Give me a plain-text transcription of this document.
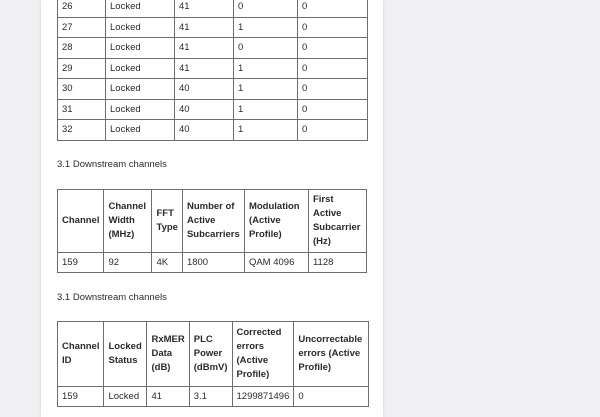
26	Locked	41	0	0
27	Locked	41	1	0
28	Locked	41	0	0
29	Locked	41	1	0
30	Locked	40	1	0
31	Locked	40	1	0
32	Locked	40	1	0
3.1 Downstream channels
Channel	Channel Width (MHz)	FFT Type	Number of Active Subcarriers	Modulation (Active Profile)	First Active Subcarrier (Hz)
159	92	4K	1800	QAM 4096	1128
3.1 Downstream channels
Channel ID	Locked Status	RxMER Data (dB)	PLC Power (dBmV)	Corrected errors (Active Profile)	Uncorrectable errors (Active Profile)
159	Locked	41	3.1	1299871496	0
